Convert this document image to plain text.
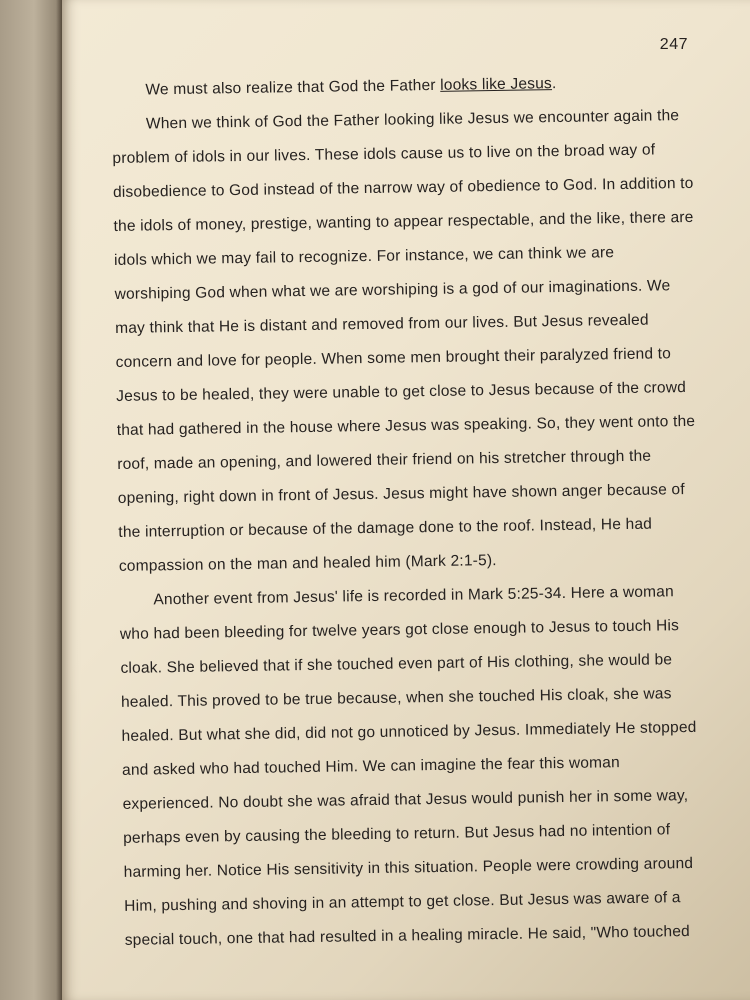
247
We must also realize that God the Father looks like Jesus.
When we think of God the Father looking like Jesus we encounter again the
problem of idols in our lives. These idols cause us to live on the broad way of
disobedience to God instead of the narrow way of obedience to God. In addition to
the idols of money, prestige, wanting to appear respectable, and the like, there are
idols which we may fail to recognize. For instance, we can think we are
worshiping God when what we are worshiping is a god of our imaginations. We
may think that He is distant and removed from our lives. But Jesus revealed
concern and love for people. When some men brought their paralyzed friend to
Jesus to be healed, they were unable to get close to Jesus because of the crowd
that had gathered in the house where Jesus was speaking. So, they went onto the
roof, made an opening, and lowered their friend on his stretcher through the
opening, right down in front of Jesus. Jesus might have shown anger because of
the interruption or because of the damage done to the roof. Instead, He had
compassion on the man and healed him (Mark 2:1-5).
Another event from Jesus' life is recorded in Mark 5:25-34. Here a woman
who had been bleeding for twelve years got close enough to Jesus to touch His
cloak. She believed that if she touched even part of His clothing, she would be
healed. This proved to be true because, when she touched His cloak, she was
healed. But what she did, did not go unnoticed by Jesus. Immediately He stopped
and asked who had touched Him. We can imagine the fear this woman
experienced. No doubt she was afraid that Jesus would punish her in some way,
perhaps even by causing the bleeding to return. But Jesus had no intention of
harming her. Notice His sensitivity in this situation. People were crowding around
Him, pushing and shoving in an attempt to get close. But Jesus was aware of a
special touch, one that had resulted in a healing miracle. He said, "Who touched
